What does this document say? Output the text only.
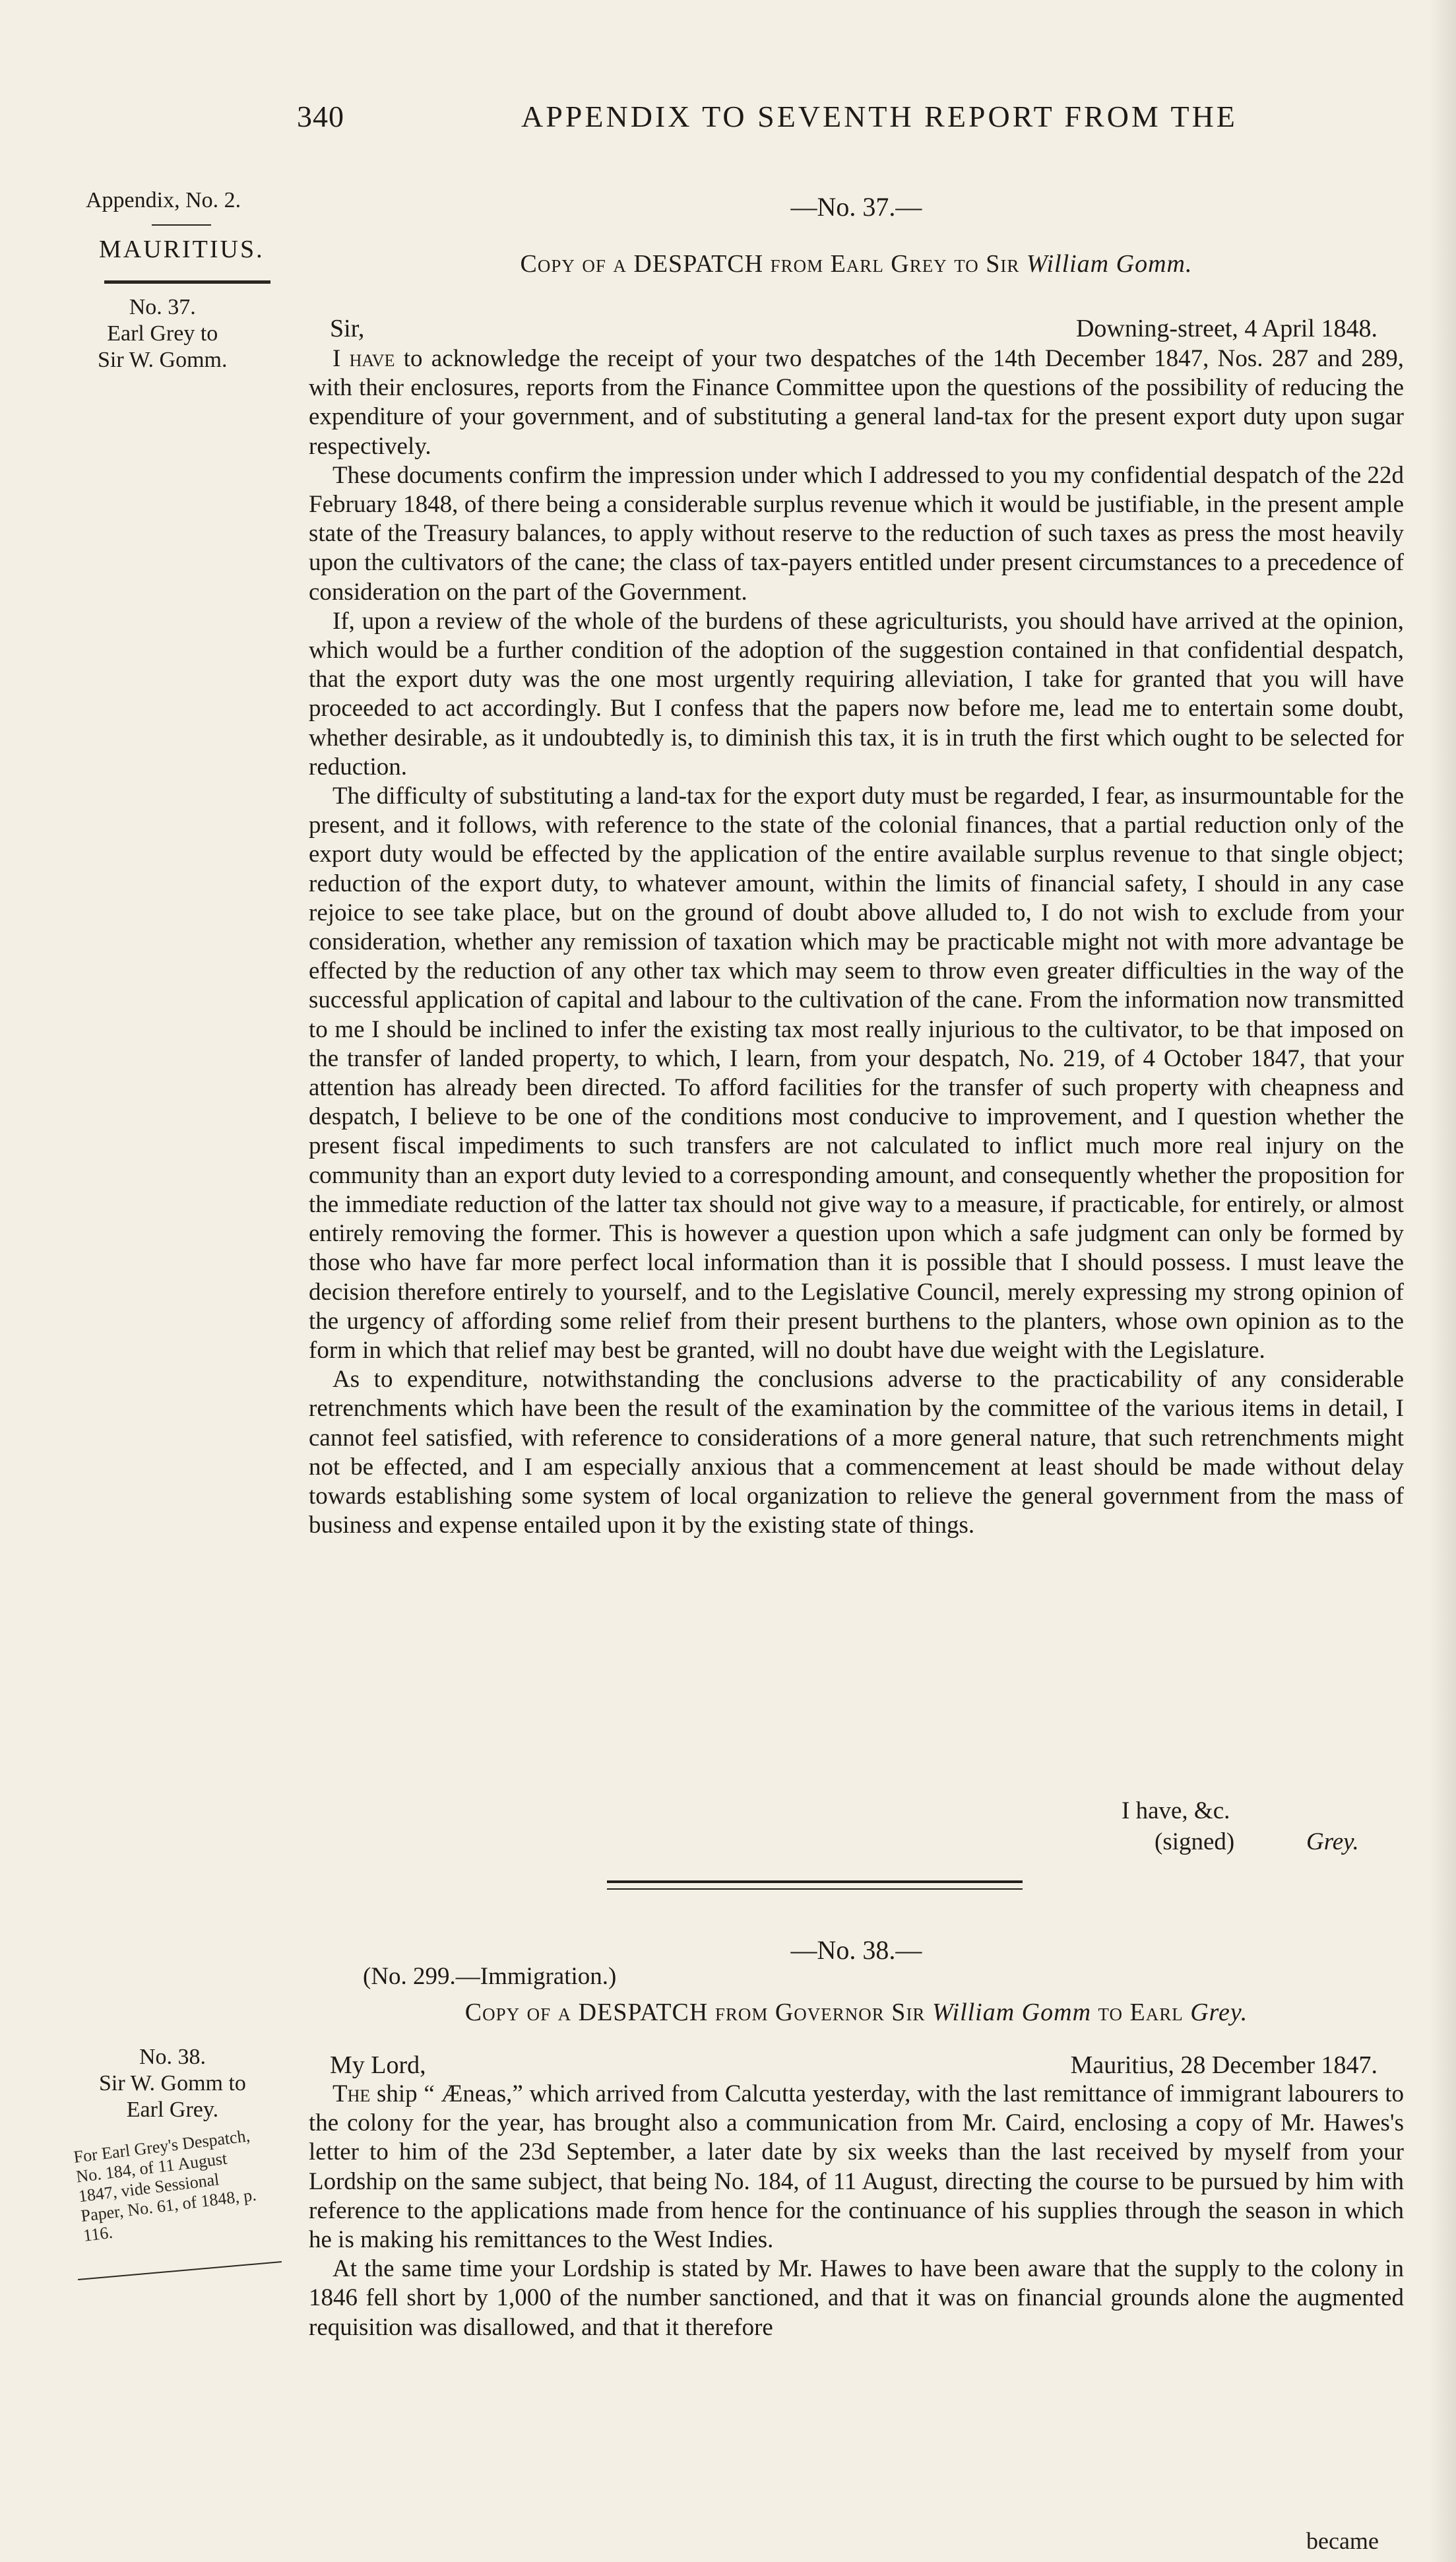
340	APPENDIX TO SEVENTH REPORT FROM THE
Appendix, No. 2.
MAURITIUS.
No. 37.
Earl Grey to
Sir W. Gomm.
No. 38.
Sir W. Gomm to
Earl Grey.
For Earl Grey's Despatch, No. 184, of 11 August 1847, vide Sessional Paper, No. 61, of 1848, p. 116.
—No. 37.—
Copy of a DESPATCH from Earl Grey to Sir William Gomm.
Sir,	Downing-street, 4 April 1848.

I have to acknowledge the receipt of your two despatches of the 14th December 1847, Nos. 287 and 289, with their enclosures, reports from the Finance Committee upon the questions of the possibility of reducing the expenditure of your government, and of substituting a general land-tax for the present export duty upon sugar respectively.

These documents confirm the impression under which I addressed to you my confidential despatch of the 22d February 1848, of there being a considerable surplus revenue which it would be justifiable, in the present ample state of the Treasury balances, to apply without reserve to the reduction of such taxes as press the most heavily upon the cultivators of the cane; the class of tax-payers entitled under present circumstances to a precedence of consideration on the part of the Government.

If, upon a review of the whole of the burdens of these agriculturists, you should have arrived at the opinion, which would be a further condition of the adoption of the suggestion contained in that confidential despatch, that the export duty was the one most urgently requiring alleviation, I take for granted that you will have proceeded to act accordingly. But I confess that the papers now before me, lead me to entertain some doubt, whether desirable, as it undoubtedly is, to diminish this tax, it is in truth the first which ought to be selected for reduction.

The difficulty of substituting a land-tax for the export duty must be regarded, I fear, as insurmountable for the present, and it follows, with reference to the state of the colonial finances, that a partial reduction only of the export duty would be effected by the application of the entire available surplus revenue to that single object; reduction of the export duty, to whatever amount, within the limits of financial safety, I should in any case rejoice to see take place, but on the ground of doubt above alluded to, I do not wish to exclude from your consideration, whether any remission of taxation which may be practicable might not with more advantage be effected by the reduction of any other tax which may seem to throw even greater difficulties in the way of the successful application of capital and labour to the cultivation of the cane. From the information now transmitted to me I should be inclined to infer the existing tax most really injurious to the cultivator, to be that imposed on the transfer of landed property, to which, I learn, from your despatch, No. 219, of 4 October 1847, that your attention has already been directed. To afford facilities for the transfer of such property with cheapness and despatch, I believe to be one of the conditions most conducive to improvement, and I question whether the present fiscal impediments to such transfers are not calculated to inflict much more real injury on the community than an export duty levied to a corresponding amount, and consequently whether the proposition for the immediate reduction of the latter tax should not give way to a measure, if practicable, for entirely, or almost entirely removing the former. This is however a question upon which a safe judgment can only be formed by those who have far more perfect local information than it is possible that I should possess. I must leave the decision therefore entirely to yourself, and to the Legislative Council, merely expressing my strong opinion of the urgency of affording some relief from their present burthens to the planters, whose own opinion as to the form in which that relief may best be granted, will no doubt have due weight with the Legislature.

As to expenditure, notwithstanding the conclusions adverse to the practicability of any considerable retrenchments which have been the result of the examination by the committee of the various items in detail, I cannot feel satisfied, with reference to considerations of a more general nature, that such retrenchments might not be effected, and I am especially anxious that a commencement at least should be made without delay towards establishing some system of local organization to relieve the general government from the mass of business and expense entailed upon it by the existing state of things.

I have, &c.
(signed)	Grey.
—No. 38.—
(No. 299.—Immigration.)
Copy of a DESPATCH from Governor Sir William Gomm to Earl Grey.
My Lord,	Mauritius, 28 December 1847.

The ship “ Æneas,” which arrived from Calcutta yesterday, with the last remittance of immigrant labourers to the colony for the year, has brought also a communication from Mr. Caird, enclosing a copy of Mr. Hawes's letter to him of the 23d September, a later date by six weeks than the last received by myself from your Lordship on the same subject, that being No. 184, of 11 August, directing the course to be pursued by him with reference to the applications made from hence for the continuance of his supplies through the season in which he is making his remittances to the West Indies.

At the same time your Lordship is stated by Mr. Hawes to have been aware that the supply to the colony in 1846 fell short by 1,000 of the number sanctioned, and that it was on financial grounds alone the augmented requisition was disallowed, and that it therefore

became
